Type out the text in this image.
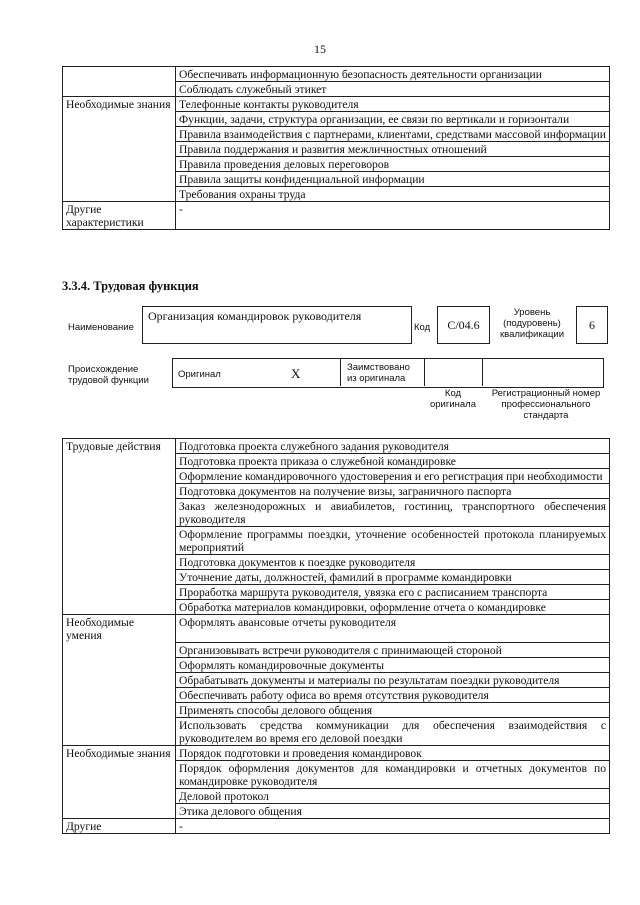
15
	Обеспечивать информационную безопасность деятельности организации
	Соблюдать служебный этикет
Необходимые знания	Телефонные контакты руководителя
	Функции, задачи, структура организации, ее связи по вертикали и горизонтали
	Правила взаимодействия с партнерами, клиентами, средствами массовой информации
	Правила поддержания и развития межличностных отношений
	Правила проведения деловых переговоров
	Правила защиты конфиденциальной информации
	Требования охраны труда
Другие характеристики	-
3.3.4. Трудовая функция
Наименование
Организация командировок руководителя
Код	C/04.6
Уровень (подуровень) квалификации
6
Происхождение трудовой функции
Оригинал	X	Заимствовано из оригинала
Код оригинала
Регистрационный номер профессионального стандарта
Трудовые действия	Подготовка проекта служебного задания руководителя
	Подготовка проекта приказа о служебной командировке
	Оформление командировочного удостоверения и его регистрация при необходимости
	Подготовка документов на получение визы, заграничного паспорта
	Заказ железнодорожных и авиабилетов, гостиниц, транспортного обеспечения руководителя
	Оформление программы поездки, уточнение особенностей протокола планируемых мероприятий
	Подготовка документов к поездке руководителя
	Уточнение даты, должностей, фамилий в программе командировки
	Проработка маршрута руководителя, увязка его с расписанием транспорта
	Обработка материалов командировки, оформление отчета о командировке
Необходимые умения	Оформлять авансовые отчеты руководителя
	Организовывать встречи руководителя с принимающей стороной
	Оформлять командировочные документы
	Обрабатывать документы и материалы по результатам поездки руководителя
	Обеспечивать работу офиса во время отсутствия руководителя
	Применять способы делового общения
	Использовать средства коммуникации для обеспечения взаимодействия с руководителем во время его деловой поездки
Необходимые знания	Порядок подготовки и проведения командировок
	Порядок оформления документов для командировки и отчетных документов по командировке руководителя
	Деловой протокол
	Этика делового общения
Другие	-
